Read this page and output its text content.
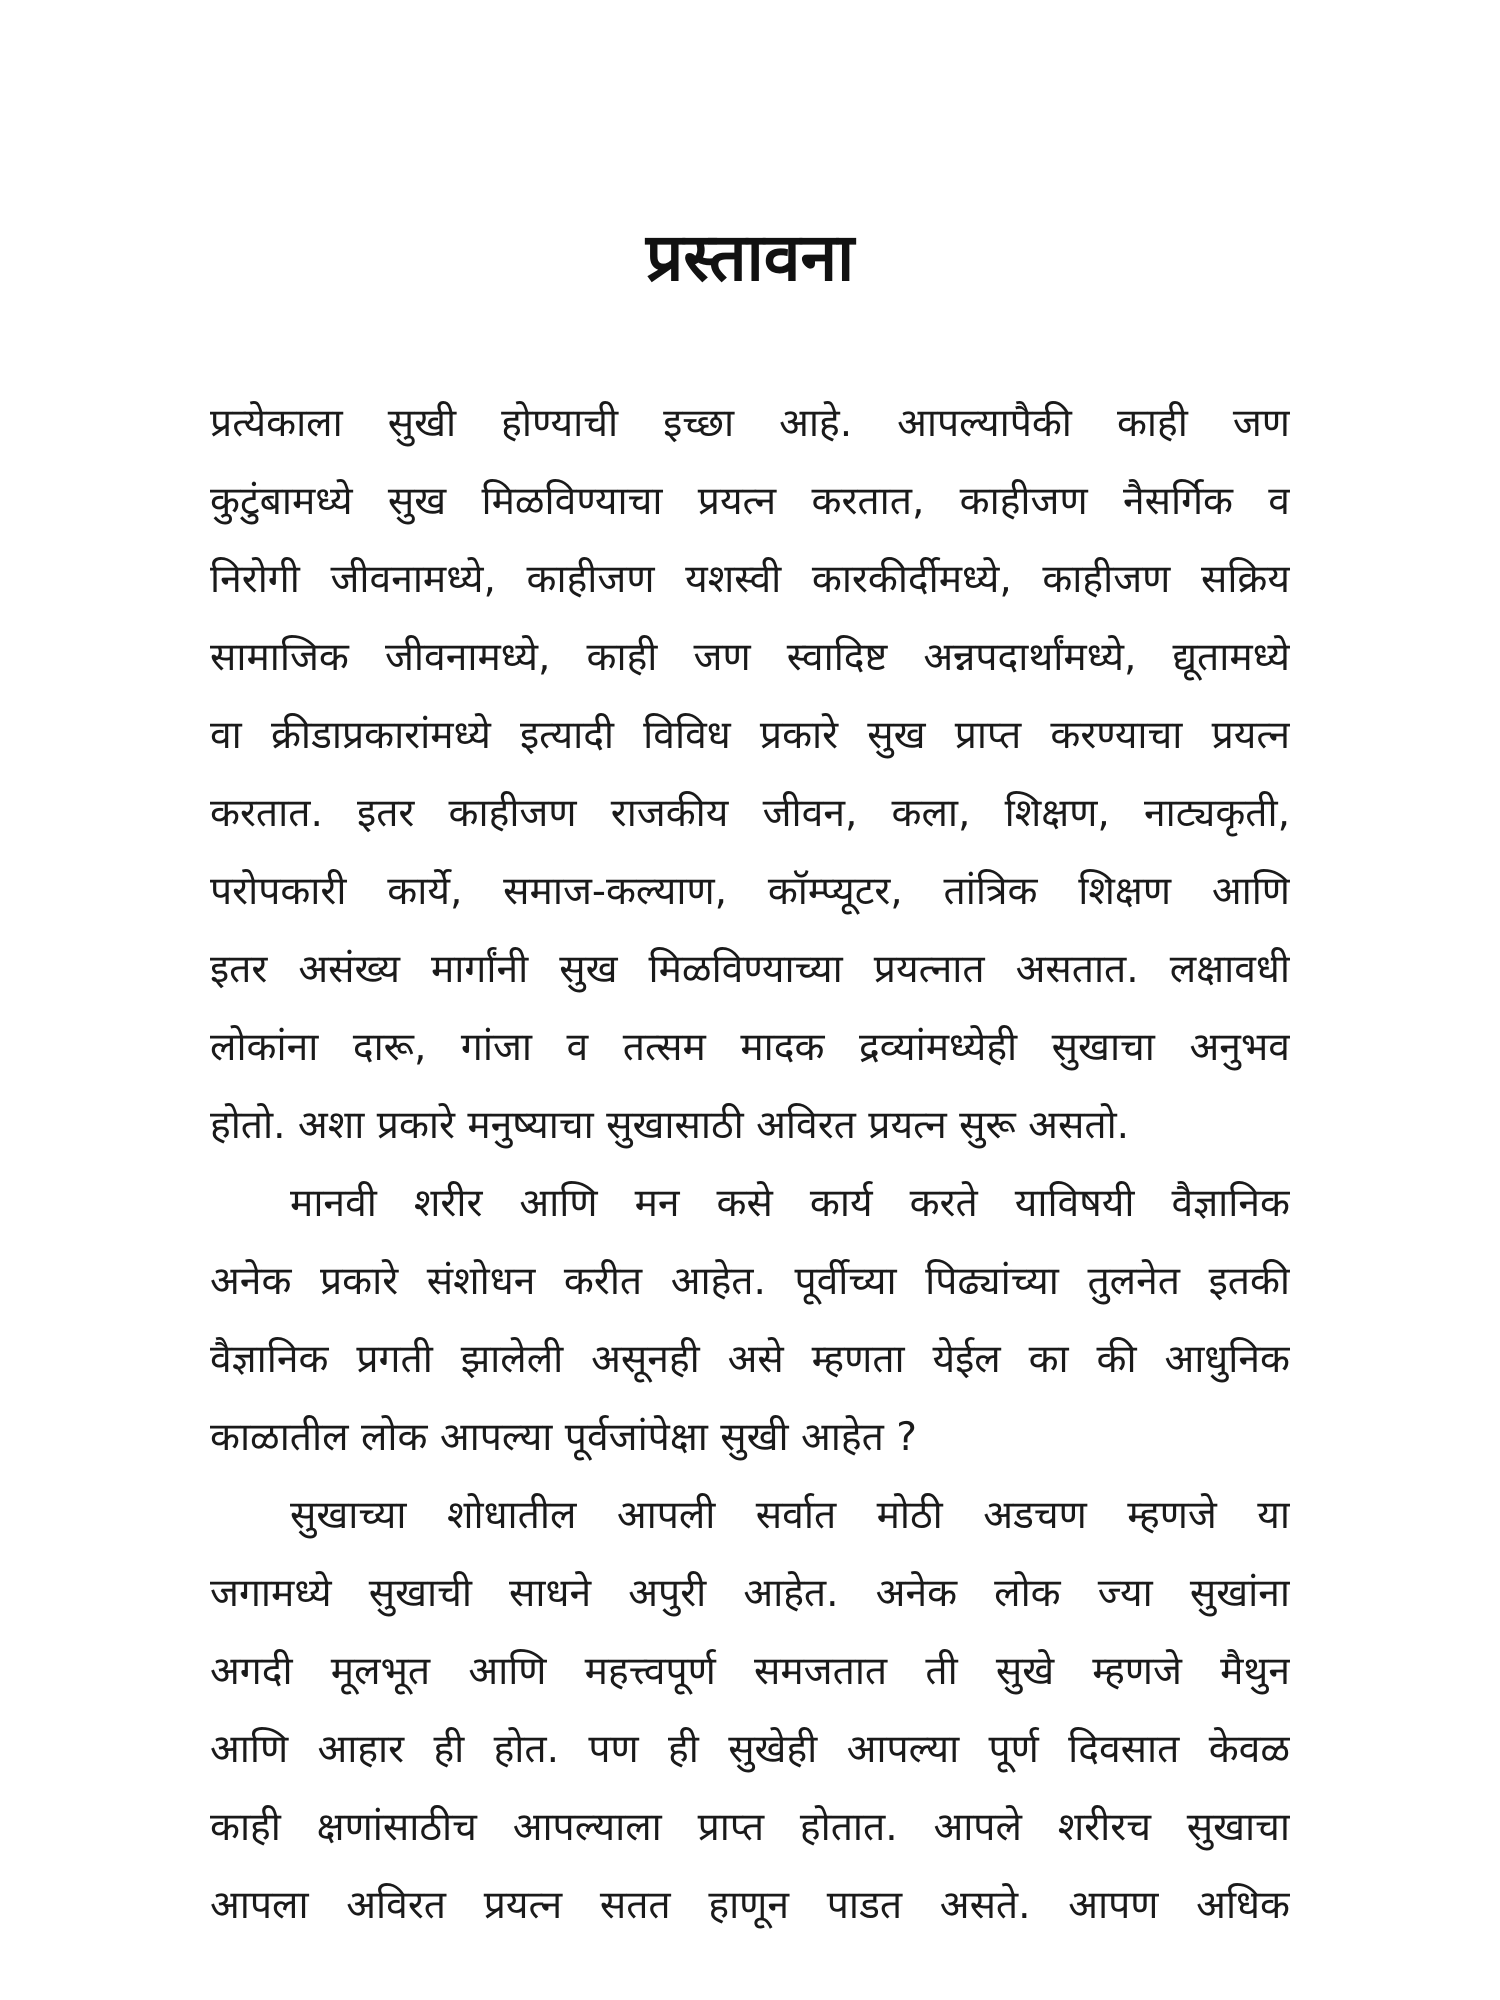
प्रस्तावना
प्रत्येकाला सुखी होण्याची इच्छा आहे. आपल्यापैकी काही जण
कुटुंबामध्ये सुख मिळविण्याचा प्रयत्न करतात, काहीजण नैसर्गिक व
निरोगी जीवनामध्ये, काहीजण यशस्वी कारकीर्दीमध्ये, काहीजण सक्रिय
सामाजिक जीवनामध्ये, काही जण स्वादिष्ट अन्नपदार्थांमध्ये, द्यूतामध्ये
वा क्रीडाप्रकारांमध्ये इत्यादी विविध प्रकारे सुख प्राप्त करण्याचा प्रयत्न
करतात. इतर काहीजण राजकीय जीवन, कला, शिक्षण, नाट्यकृती,
परोपकारी कार्ये, समाज-कल्याण, कॉम्प्यूटर, तांत्रिक शिक्षण आणि
इतर असंख्य मार्गांनी सुख मिळविण्याच्या प्रयत्नात असतात. लक्षावधी
लोकांना दारू, गांजा व तत्सम मादक द्रव्यांमध्येही सुखाचा अनुभव
होतो. अशा प्रकारे मनुष्याचा सुखासाठी अविरत प्रयत्न सुरू असतो.
मानवी शरीर आणि मन कसे कार्य करते याविषयी वैज्ञानिक
अनेक प्रकारे संशोधन करीत आहेत. पूर्वीच्या पिढ्यांच्या तुलनेत इतकी
वैज्ञानिक प्रगती झालेली असूनही असे म्हणता येईल का की आधुनिक
काळातील लोक आपल्या पूर्वजांपेक्षा सुखी आहेत ?
सुखाच्या शोधातील आपली सर्वात मोठी अडचण म्हणजे या
जगामध्ये सुखाची साधने अपुरी आहेत. अनेक लोक ज्या सुखांना
अगदी मूलभूत आणि महत्त्वपूर्ण समजतात ती सुखे म्हणजे मैथुन
आणि आहार ही होत. पण ही सुखेही आपल्या पूर्ण दिवसात केवळ
काही क्षणांसाठीच आपल्याला प्राप्त होतात. आपले शरीरच सुखाचा
आपला अविरत प्रयत्न सतत हाणून पाडत असते. आपण अधिक
